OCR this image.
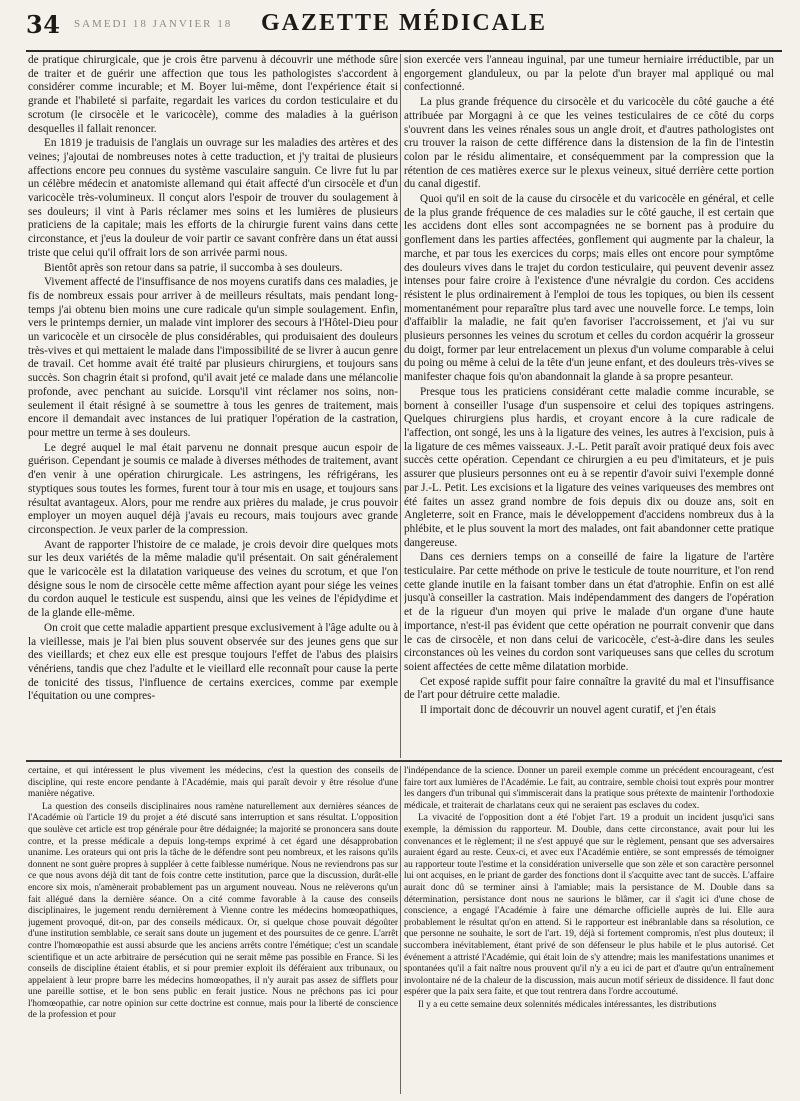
34 SAMEDI 18 JANVIER 18	GAZETTE MÉDICALE

de pratique chirurgicale, que je crois être parvenu à découvrir une méthode sûre de traiter et de guérir une affection que tous les pathologistes s'accordent à considérer comme incurable; et M. Boyer lui-même, dont l'expérience était si grande et l'habileté si parfaite, regardait les varices du cordon testiculaire et du scrotum (le cirsocèle et le varicocèle), comme des maladies à la guérison desquelles il fallait renoncer.

En 1819 je traduisis de l'anglais un ouvrage sur les maladies des artères et des veines; j'ajoutai de nombreuses notes à cette traduction, et j'y traitai de plusieurs affections encore peu connues du système vasculaire sanguin. Ce livre fut lu par un célèbre médecin et anatomiste allemand qui était affecté d'un cirsocèle et d'un varicocèle très-volumineux. Il conçut alors l'espoir de trouver du soulagement à ses douleurs; il vint à Paris réclamer mes soins et les lumières de plusieurs praticiens de la capitale; mais les efforts de la chirurgie furent vains dans cette circonstance, et j'eus la douleur de voir partir ce savant confrère dans un état aussi triste que celui qu'il offrait lors de son arrivée parmi nous.

Bientôt après son retour dans sa patrie, il succomba à ses douleurs.

Vivement affecté de l'insuffisance de nos moyens curatifs dans ces maladies, je fis de nombreux essais pour arriver à de meilleurs résultats, mais pendant long-temps j'ai obtenu bien moins une cure radicale qu'un simple soulagement. Enfin, vers le printemps dernier, un malade vint implorer des secours à l'Hôtel-Dieu pour un varicocèle et un cirsocèle de plus considérables, qui produisaient des douleurs très-vives et qui mettaient le malade dans l'impossibilité de se livrer à aucun genre de travail. Cet homme avait été traité par plusieurs chirurgiens, et toujours sans succès. Son chagrin était si profond, qu'il avait jeté ce malade dans une mélancolie profonde, avec penchant au suicide. Lorsqu'il vint réclamer nos soins, non-seulement il était résigné à se soumettre à tous les genres de traitement, mais encore il demandait avec instances de lui pratiquer l'opération de la castration, pour mettre un terme à ses douleurs.

Le degré auquel le mal était parvenu ne donnait presque aucun espoir de guérison. Cependant je soumis ce malade à diverses méthodes de traitement, avant d'en venir à une opération chirurgicale. Les astringens, les réfrigérans, les styptiques sous toutes les formes, furent tour à tour mis en usage, et toujours sans résultat avantageux. Alors, pour me rendre aux prières du malade, je crus pouvoir employer un moyen auquel déjà j'avais eu recours, mais toujours avec grande circonspection. Je veux parler de la compression.

Avant de rapporter l'histoire de ce malade, je crois devoir dire quelques mots sur les deux variétés de la même maladie qu'il présentait. On sait généralement que le varicocèle est la dilatation variqueuse des veines du scrotum, et que l'on désigne sous le nom de cirsocèle cette même affection ayant pour siége les veines du cordon auquel le testicule est suspendu, ainsi que les veines de l'épidydime et de la glande elle-même.

On croit que cette maladie appartient presque exclusivement à l'âge adulte ou à la vieillesse, mais je l'ai bien plus souvent observée sur des jeunes gens que sur des vieillards; et chez eux elle est presque toujours l'effet de l'abus des plaisirs vénériens, tandis que chez l'adulte et le vieillard elle reconnaît pour cause la perte de tonicité des tissus, l'influence de certains exercices, comme par exemple l'équitation ou une compres-

sion exercée vers l'anneau inguinal, par une tumeur herniaire irréductible, par un engorgement glanduleux, ou par la pelote d'un brayer mal appliqué ou mal confectionné.

La plus grande fréquence du cirsocèle et du varicocèle du côté gauche a été attribuée par Morgagni à ce que les veines testiculaires de ce côté du corps s'ouvrent dans les veines rénales sous un angle droit, et d'autres pathologistes ont cru trouver la raison de cette différence dans la distension de la fin de l'intestin colon par le résidu alimentaire, et conséquemment par la compression que la rétention de ces matières exerce sur le plexus veineux, situé derrière cette portion du canal digestif.

Quoi qu'il en soit de la cause du cirsocèle et du varicocèle en général, et celle de la plus grande fréquence de ces maladies sur le côté gauche, il est certain que les accidens dont elles sont accompagnées ne se bornent pas à produire du gonflement dans les parties affectées, gonflement qui augmente par la chaleur, la marche, et par tous les exercices du corps; mais elles ont encore pour symptôme des douleurs vives dans le trajet du cordon testiculaire, qui peuvent devenir assez intenses pour faire croire à l'existence d'une névralgie du cordon. Ces accidens résistent le plus ordinairement à l'emploi de tous les topiques, ou bien ils cessent momentanément pour reparaître plus tard avec une nouvelle force. Le temps, loin d'affaiblir la maladie, ne fait qu'en favoriser l'accroissement, et j'ai vu sur plusieurs personnes les veines du scrotum et celles du cordon acquérir la grosseur du doigt, former par leur entrelacement un plexus d'un volume comparable à celui du poing ou même à celui de la tête d'un jeune enfant, et des douleurs très-vives se manifester chaque fois qu'on abandonnait la glande à sa propre pesanteur.

Presque tous les praticiens considérant cette maladie comme incurable, se bornent à conseiller l'usage d'un suspensoire et celui des topiques astringens. Quelques chirurgiens plus hardis, et croyant encore à la cure radicale de l'affection, ont songé, les uns à la ligature des veines, les autres à l'excision, puis à la ligature de ces mêmes vaisseaux. J.-L. Petit paraît avoir pratiqué deux fois avec succès cette opération. Cependant ce chirurgien a eu peu d'imitateurs, et je puis assurer que plusieurs personnes ont eu à se repentir d'avoir suivi l'exemple donné par J.-L. Petit. Les excisions et la ligature des veines variqueuses des membres ont été faites un assez grand nombre de fois depuis dix ou douze ans, soit en Angleterre, soit en France, mais le développement d'accidens nombreux dus à la phlébite, et le plus souvent la mort des malades, ont fait abandonner cette pratique dangereuse.

Dans ces derniers temps on a conseillé de faire la ligature de l'artère testiculaire. Par cette méthode on prive le testicule de toute nourriture, et l'on rend cette glande inutile en la faisant tomber dans un état d'atrophie. Enfin on est allé jusqu'à conseiller la castration. Mais indépendamment des dangers de l'opération et de la rigueur d'un moyen qui prive le malade d'un organe d'une haute importance, n'est-il pas évident que cette opération ne pourrait convenir que dans le cas de cirsocèle, et non dans celui de varicocèle, c'est-à-dire dans les seules circonstances où les veines du cordon sont variqueuses sans que celles du scrotum soient affectées de cette même dilatation morbide.

Cet exposé rapide suffit pour faire connaître la gravité du mal et l'insuffisance de l'art pour détruire cette maladie.

Il importait donc de découvrir un nouvel agent curatif, et j'en étais

certaine, et qui intéressent le plus vivement les médecins, c'est la question des conseils de discipline, qui reste encore pendante à l'Académie, mais qui paraît devoir y être résolue d'une manière négative.

La question des conseils disciplinaires nous ramène naturellement aux dernières séances de l'Académie où l'article 19 du projet a été discuté sans interruption et sans résultat. L'opposition que soulève cet article est trop générale pour être dédaignée; la majorité se prononcera sans doute contre, et la presse médicale a depuis long-temps exprimé à cet égard une désapprobation unanime. Les orateurs qui ont pris la tâche de le défendre sont peu nombreux, et les raisons qu'ils donnent ne sont guère propres à suppléer à cette faiblesse numérique. Nous ne reviendrons pas sur ce que nous avons déjà dit tant de fois contre cette institution, parce que la discussion, durât-elle encore six mois, n'amènerait probablement pas un argument nouveau. Nous ne relèverons qu'un fait allégué dans la dernière séance. On a cité comme favorable à la cause des conseils disciplinaires, le jugement rendu dernièrement à Vienne contre les médecins homœopathiques, jugement provoqué, dit-on, par des conseils médicaux. Or, si quelque chose pouvait dégoûter d'une institution semblable, ce serait sans doute un jugement et des poursuites de ce genre. L'arrêt contre l'homœopathie est aussi absurde que les anciens arrêts contre l'émétique; c'est un scandale scientifique et un acte arbitraire de persécution qui ne serait même pas possible en France. Si les conseils de discipline étaient établis, et si pour premier exploit ils déféraient aux tribunaux, ou appelaient à leur propre barre les médecins homœopathes, il n'y aurait pas assez de sifflets pour une pareille sottise, et le bon sens public en ferait justice. Nous ne prêchons pas ici pour l'homœopathie, car notre opinion sur cette doctrine est connue, mais pour la liberté de conscience de la profession et pour

l'indépendance de la science. Donner un pareil exemple comme un précédent encourageant, c'est faire tort aux lumières de l'Académie. Le fait, au contraire, semble choisi tout exprès pour montrer les dangers d'un tribunal qui s'immiscerait dans la pratique sous prétexte de maintenir l'orthodoxie médicale, et traiterait de charlatans ceux qui ne seraient pas esclaves du codex.

La vivacité de l'opposition dont a été l'objet l'art. 19 a produit un incident jusqu'ici sans exemple, la démission du rapporteur. M. Double, dans cette circonstance, avait pour lui les convenances et le règlement; il ne s'est appuyé que sur le règlement, pensant que ses adversaires auraient égard au reste. Ceux-ci, et avec eux l'Académie entière, se sont empressés de témoigner au rapporteur toute l'estime et la considération universelle que son zèle et son caractère personnel lui ont acquises, en le priant de garder des fonctions dont il s'acquitte avec tant de succès. L'affaire aurait donc dû se terminer ainsi à l'amiable; mais la persistance de M. Double dans sa détermination, persistance dont nous ne saurions le blâmer, car il s'agit ici d'une chose de conscience, a engagé l'Académie à faire une démarche officielle auprès de lui. Elle aura probablement le résultat qu'on en attend. Si le rapporteur est inébranlable dans sa résolution, ce que personne ne souhaite, le sort de l'art. 19, déjà si fortement compromis, n'est plus douteux; il succombera inévitablement, étant privé de son défenseur le plus habile et le plus autorisé. Cet événement a attristé l'Académie, qui était loin de s'y attendre; mais les manifestations unanimes et spontanées qu'il a fait naître nous prouvent qu'il n'y a eu ici de part et d'autre qu'un entraînement involontaire né de la chaleur de la discussion, mais aucun motif sérieux de dissidence. Il faut donc espérer que la paix sera faite, et que tout rentrera dans l'ordre accoutumé.

Il y a eu cette semaine deux solennités médicales intéressantes, les distributions
